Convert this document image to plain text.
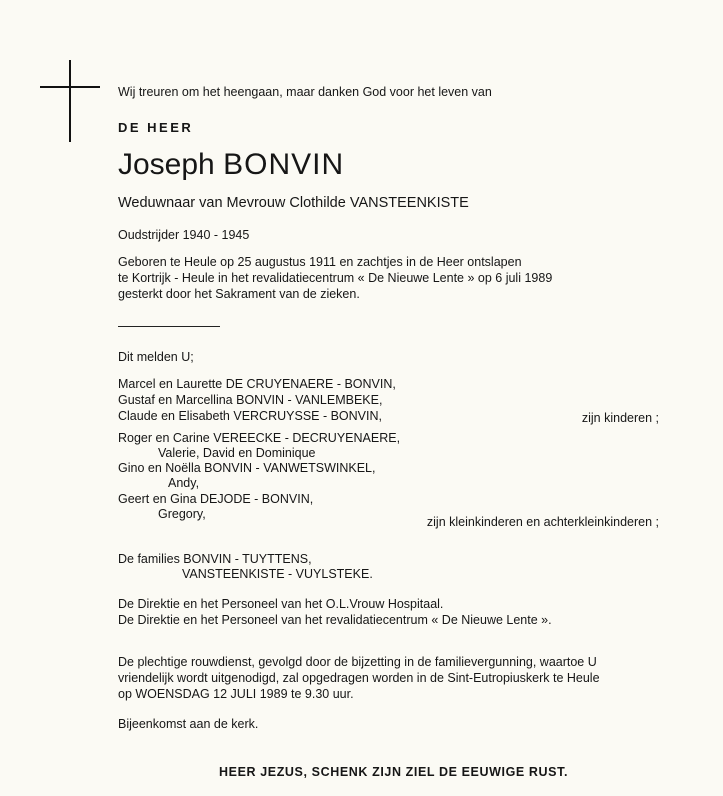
Wij treuren om het heengaan, maar danken God voor het leven van
DE HEER
Joseph BONVIN
Weduwnaar van Mevrouw Clothilde VANSTEENKISTE
Oudstrijder 1940 - 1945
Geboren te Heule op 25 augustus 1911 en zachtjes in de Heer ontslapen
te Kortrijk - Heule in het revalidatiecentrum « De Nieuwe Lente » op 6 juli 1989
gesterkt door het Sakrament van de zieken.
Dit melden U;
Marcel en Laurette DE CRUYENAERE - BONVIN,
Gustaf en Marcellina BONVIN - VANLEMBEKE,
Claude en Elisabeth VERCRUYSSE - BONVIN,	zijn kinderen ;
Roger en Carine VEREECKE - DECRUYENAERE,
Valerie, David en Dominique
Gino en Noëlla BONVIN - VANWETSWINKEL,
Andy,
Geert en Gina DEJODE - BONVIN,
Gregory,
zijn kleinkinderen en achterkleinkinderen ;
De families BONVIN - TUYTTENS,
VANSTEENKISTE - VUYLSTEKE.
De Direktie en het Personeel van het O.L.Vrouw Hospitaal.
De Direktie en het Personeel van het revalidatiecentrum « De Nieuwe Lente ».
De plechtige rouwdienst, gevolgd door de bijzetting in de familievergunning, waartoe U
vriendelijk wordt uitgenodigd, zal opgedragen worden in de Sint-Eutropiuskerk te Heule
op WOENSDAG 12 JULI 1989 te 9.30 uur.
Bijeenkomst aan de kerk.
HEER JEZUS, SCHENK ZIJN ZIEL DE EEUWIGE RUST.
